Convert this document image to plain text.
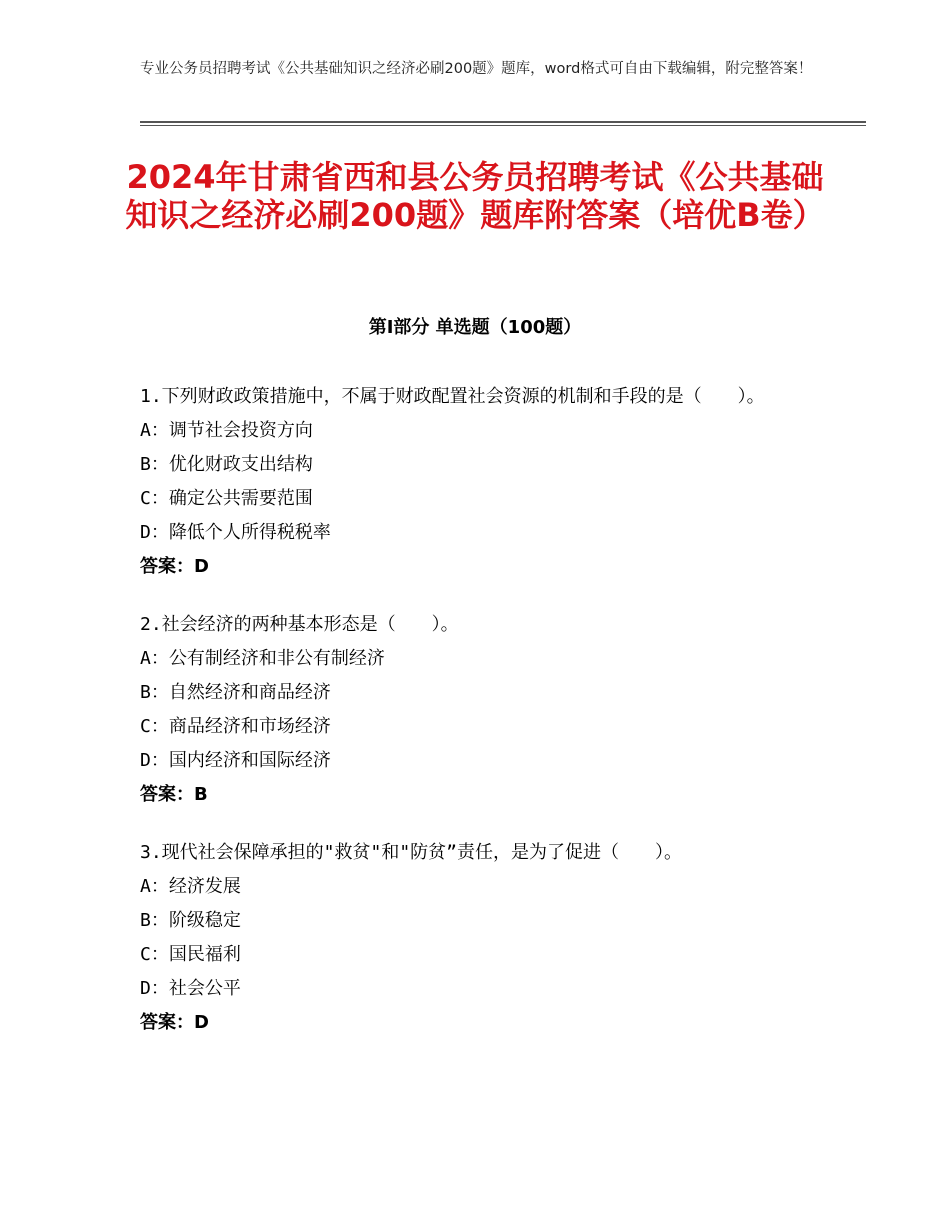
专业公务员招聘考试《公共基础知识之经济必刷200题》题库，word格式可自由下载编辑，附完整答案！
2024年甘肃省西和县公务员招聘考试《公共基础知识之经济必刷200题》题库附答案（培优B卷）
第Ⅰ部分 单选题（100题）

1.下列财政政策措施中，不属于财政配置社会资源的机制和手段的是（　　）。

A：调节社会投资方向

B：优化财政支出结构

C：确定公共需要范围

D：降低个人所得税税率

答案：D

2.社会经济的两种基本形态是（　　）。

A：公有制经济和非公有制经济

B：自然经济和商品经济

C：商品经济和市场经济

D：国内经济和国际经济

答案：B

3.现代社会保障承担的"救贫"和"防贫”责任，是为了促进（　　）。

A：经济发展

B：阶级稳定

C：国民福利

D：社会公平

答案：D
